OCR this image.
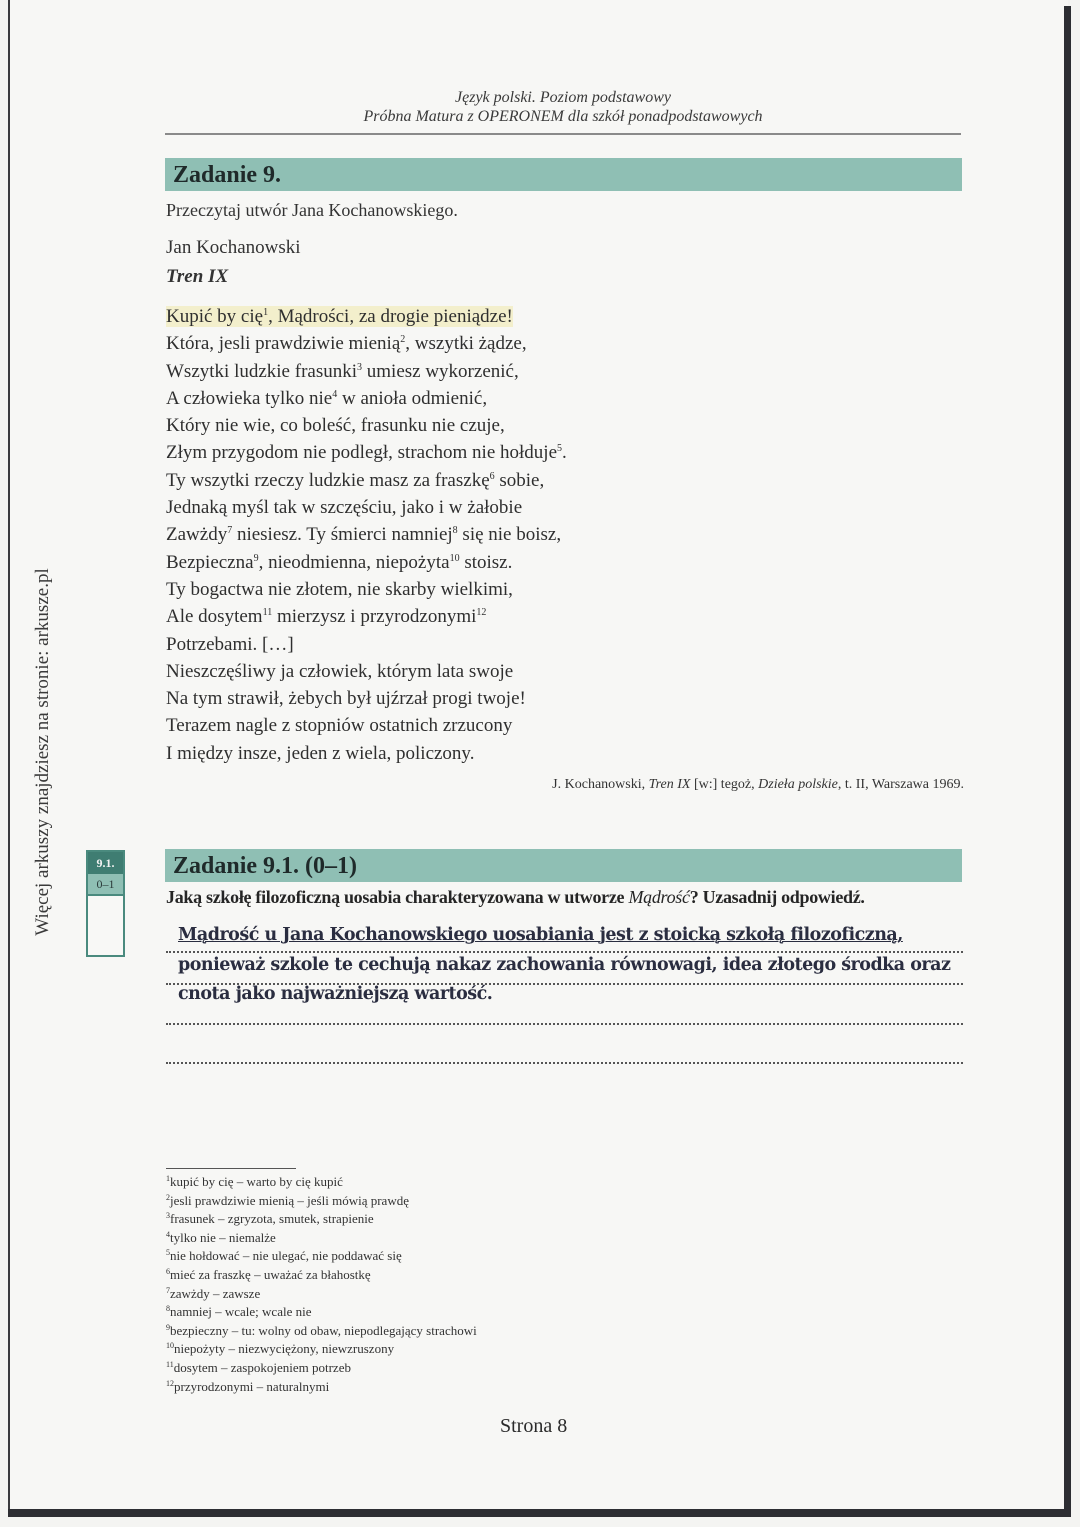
Więcej arkuszy znajdziesz na stronie: arkusze.pl
Język polski. Poziom podstawowy
Próbna Matura z OPERONEM dla szkół ponadpodstawowych
Zadanie 9.
Przeczytaj utwór Jana Kochanowskiego.
Jan Kochanowski
Tren IX
Kupić by cię$^1$, Mądrości, za drogie pieniądze!
Która, jesli prawdziwie mienią$^2$, wszytki żądze,
Wszytki ludzkie frasunki$^3$ umiesz wykorzenić,
A człowieka tylko nie$^4$ w anioła odmienić,
Który nie wie, co boleść, frasunku nie czuje,
Złym przygodom nie podległ, strachom nie hołduje$^5$.
Ty wszytki rzeczy ludzkie masz za fraszkę$^6$ sobie,
Jednaką myśl tak w szczęściu, jako i w żałobie
Zawżdy$^7$ niesiesz. Ty śmierci namniej$^8$ się nie boisz,
Bezpieczna$^9$, nieodmienna, niepożyta$^{10}$ stoisz.
Ty bogactwa nie złotem, nie skarby wielkimi,
Ale dosytem$^{11}$ mierzysz i przyrodzonymi$^{12}$
Potrzebami. […]
Nieszczęśliwy ja człowiek, którym lata swoje
Na tym strawił, żebych był ujźrzał progi twoje!
Terazem nagle z stopniów ostatnich zrzucony
I między insze, jeden z wiela, policzony.
J. Kochanowski, Tren IX [w:] tegoż, Dzieła polskie, t. II, Warszawa 1969.
9.1.
0–1
Zadanie 9.1. (0–1)
Jaką szkołę filozoficzną uosabia charakteryzowana w utworze Mądrość? Uzasadnij odpowiedź.
Mądrość u Jana Kochanowskiego uosabiania jest z stoicką szkołą filozoficzną,
ponieważ szkole te cechują nakaz zachowania równowagi, idea złotego środka oraz
cnota jako najważniejszą wartość.
$^1$kupić by cię – warto by cię kupić
$^2$jesli prawdziwie mienią – jeśli mówią prawdę
$^3$frasunek – zgryzota, smutek, strapienie
$^4$tylko nie – niemalże
$^5$nie hołdować – nie ulegać, nie poddawać się
$^6$mieć za fraszkę – uważać za błahostkę
$^7$zawżdy – zawsze
$^8$namniej – wcale; wcale nie
$^9$bezpieczny – tu: wolny od obaw, niepodlegający strachowi
$^{10}$niepożyty – niezwyciężony, niewzruszony
$^{11}$dosytem – zaspokojeniem potrzeb
$^{12}$przyrodzonymi – naturalnymi
Strona 8
